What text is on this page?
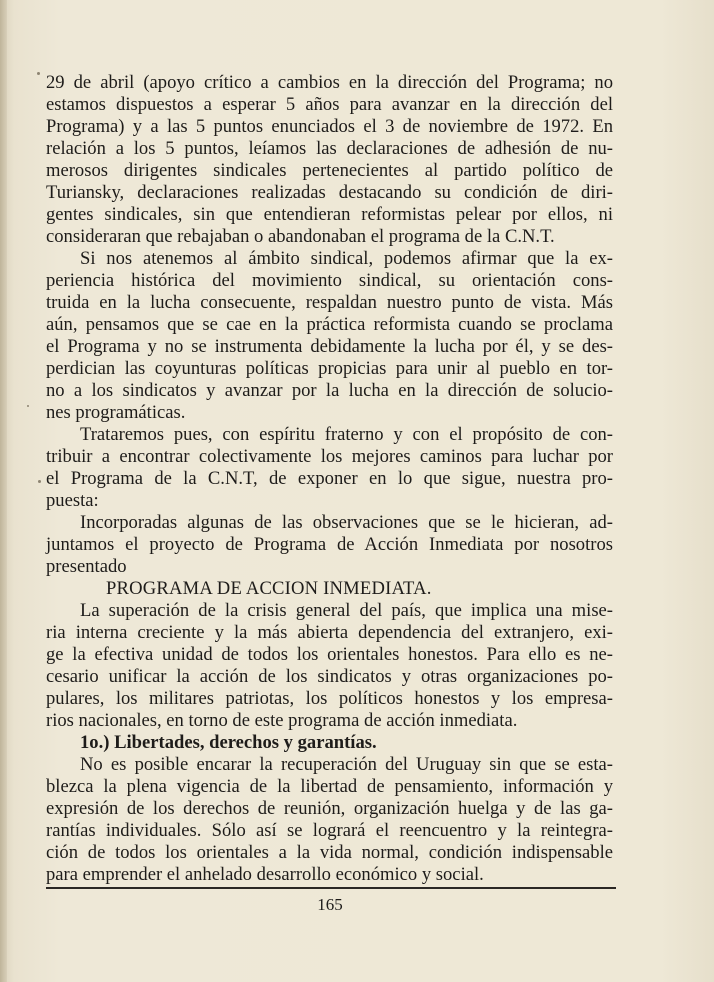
29 de abril (apoyo crítico a cambios en la dirección del Programa; no
estamos dispuestos a esperar 5 años para avanzar en la dirección del
Programa) y a las 5 puntos enunciados el 3 de noviembre de 1972. En
relación a los 5 puntos, leíamos las declaraciones de adhesión de nu-
merosos dirigentes sindicales pertenecientes al partido político de
Turiansky, declaraciones realizadas destacando su condición de diri-
gentes sindicales, sin que entendieran reformistas pelear por ellos, ni
consideraran que rebajaban o abandonaban el programa de la C.N.T.
Si nos atenemos al ámbito sindical, podemos afirmar que la ex-
periencia histórica del movimiento sindical, su orientación cons-
truida en la lucha consecuente, respaldan nuestro punto de vista. Más
aún, pensamos que se cae en la práctica reformista cuando se proclama
el Programa y no se instrumenta debidamente la lucha por él, y se des-
perdician las coyunturas políticas propicias para unir al pueblo en tor-
no a los sindicatos y avanzar por la lucha en la dirección de solucio-
nes programáticas.
Trataremos pues, con espíritu fraterno y con el propósito de con-
tribuir a encontrar colectivamente los mejores caminos para luchar por
el Programa de la C.N.T, de exponer en lo que sigue, nuestra pro-
puesta:
Incorporadas algunas de las observaciones que se le hicieran, ad-
juntamos el proyecto de Programa de Acción Inmediata por nosotros
presentado
PROGRAMA DE ACCION INMEDIATA.
La superación de la crisis general del país, que implica una mise-
ria interna creciente y la más abierta dependencia del extranjero, exi-
ge la efectiva unidad de todos los orientales honestos. Para ello es ne-
cesario unificar la acción de los sindicatos y otras organizaciones po-
pulares, los militares patriotas, los políticos honestos y los empresa-
rios nacionales, en torno de este programa de acción inmediata.
1o.) Libertades, derechos y garantías.
No es posible encarar la recuperación del Uruguay sin que se esta-
blezca la plena vigencia de la libertad de pensamiento, información y
expresión de los derechos de reunión, organización huelga y de las ga-
rantías individuales. Sólo así se logrará el reencuentro y la reintegra-
ción de todos los orientales a la vida normal, condición indispensable
para emprender el anhelado desarrollo económico y social.
165
